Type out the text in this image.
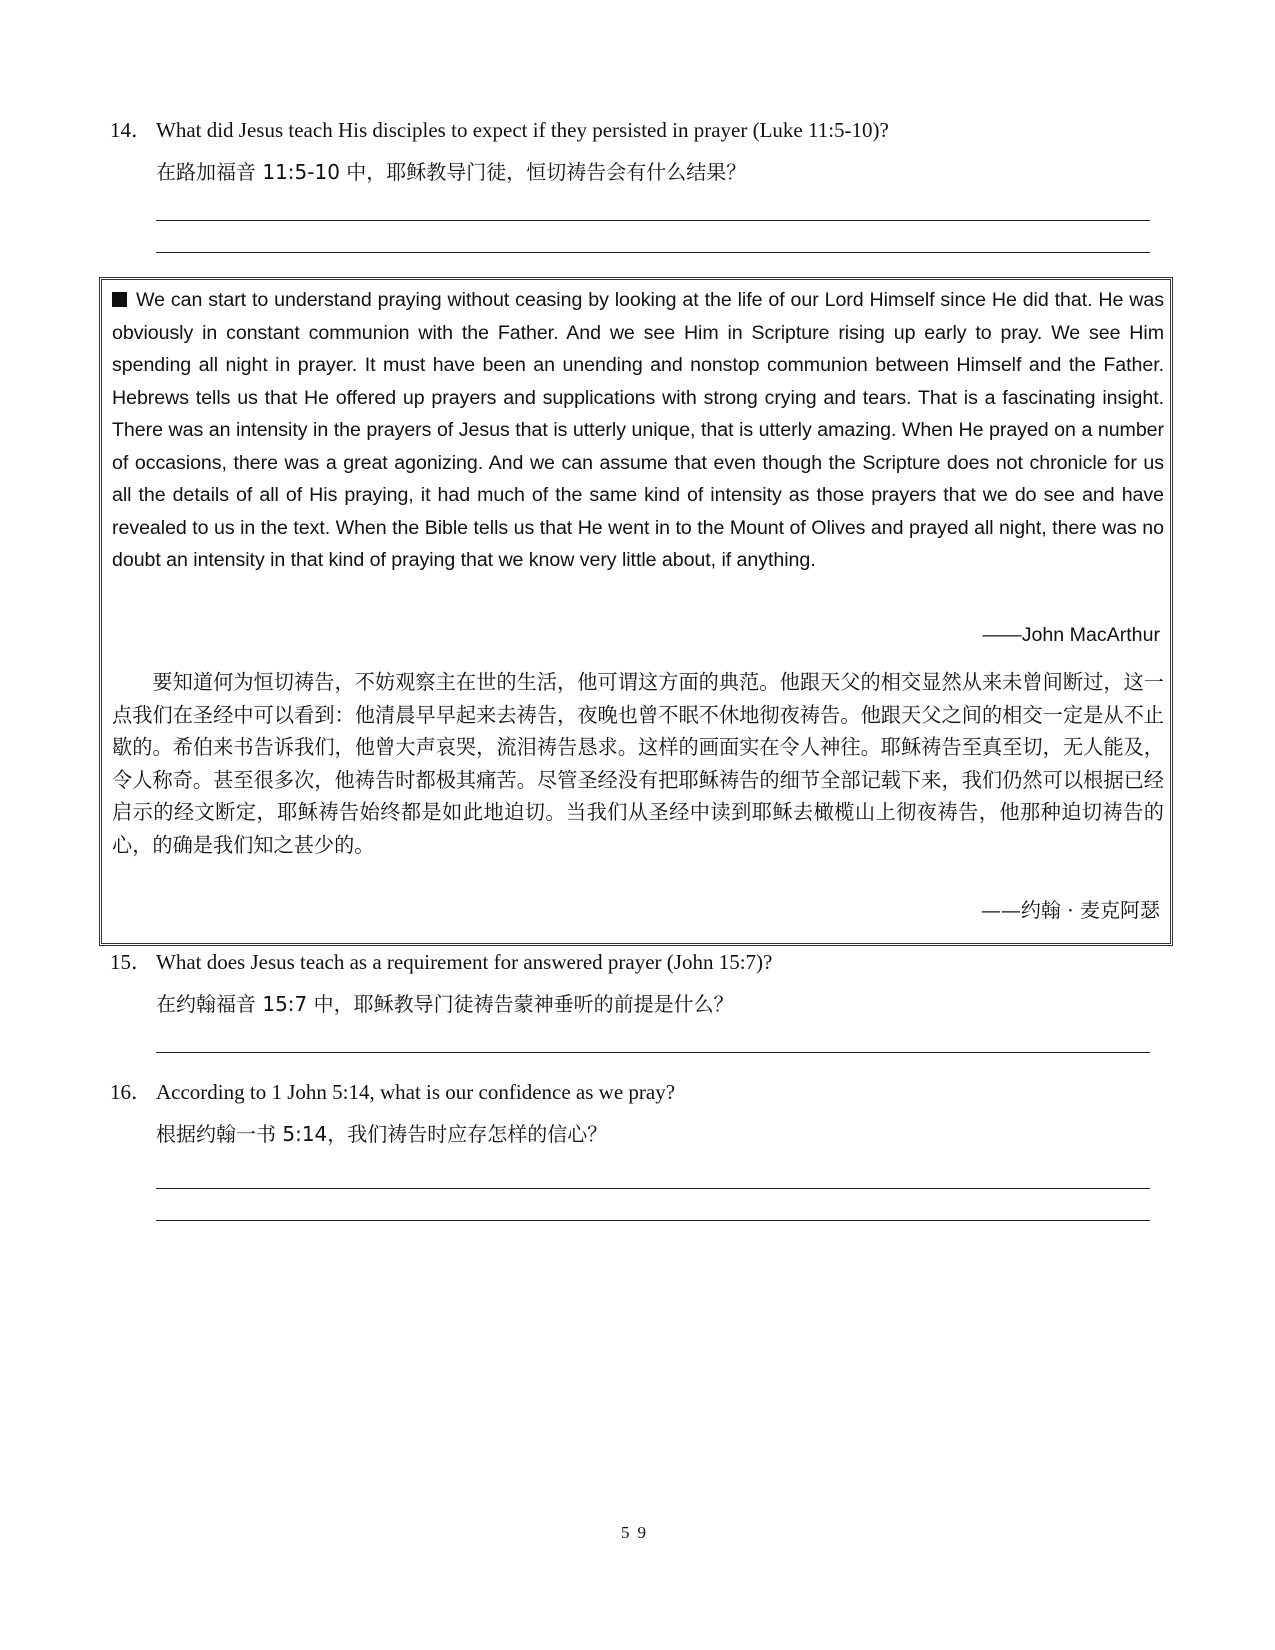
14． What did Jesus teach His disciples to expect if they persisted in prayer (Luke 11:5-10)?
在路加福音 11:5-10 中，耶稣教导门徒，恒切祷告会有什么结果？
We can start to understand praying without ceasing by looking at the life of our Lord Himself since He did that. He was obviously in constant communion with the Father. And we see Him in Scripture rising up early to pray. We see Him spending all night in prayer. It must have been an unending and nonstop communion between Himself and the Father. Hebrews tells us that He offered up prayers and supplications with strong crying and tears. That is a fascinating insight. There was an intensity in the prayers of Jesus that is utterly unique, that is utterly amazing. When He prayed on a number of occasions, there was a great agonizing. And we can assume that even though the Scripture does not chronicle for us all the details of all of His praying, it had much of the same kind of intensity as those prayers that we do see and have revealed to us in the text. When the Bible tells us that He went in to the Mount of Olives and prayed all night, there was no doubt an intensity in that kind of praying that we know very little about, if anything.
——John MacArthur
要知道何为恒切祷告，不妨观察主在世的生活，他可谓这方面的典范。他跟天父的相交显然从来未曾间断过，这一点我们在圣经中可以看到：他清晨早早起来去祷告，夜晚也曾不眠不休地彻夜祷告。他跟天父之间的相交一定是从不止歇的。希伯来书告诉我们，他曾大声哀哭，流泪祷告恳求。这样的画面实在令人神往。耶稣祷告至真至切，无人能及，令人称奇。甚至很多次，他祷告时都极其痛苦。尽管圣经没有把耶稣祷告的细节全部记载下来，我们仍然可以根据已经启示的经文断定，耶稣祷告始终都是如此地迫切。当我们从圣经中读到耶稣去橄榄山上彻夜祷告，他那种迫切祷告的心，的确是我们知之甚少的。
——约翰 · 麦克阿瑟
15． What does Jesus teach as a requirement for answered prayer (John 15:7)?
在约翰福音 15:7 中，耶稣教导门徒祷告蒙神垂听的前提是什么？
16． According to 1 John 5:14, what is our confidence as we pray?
根据约翰一书 5:14，我们祷告时应存怎样的信心？
59
